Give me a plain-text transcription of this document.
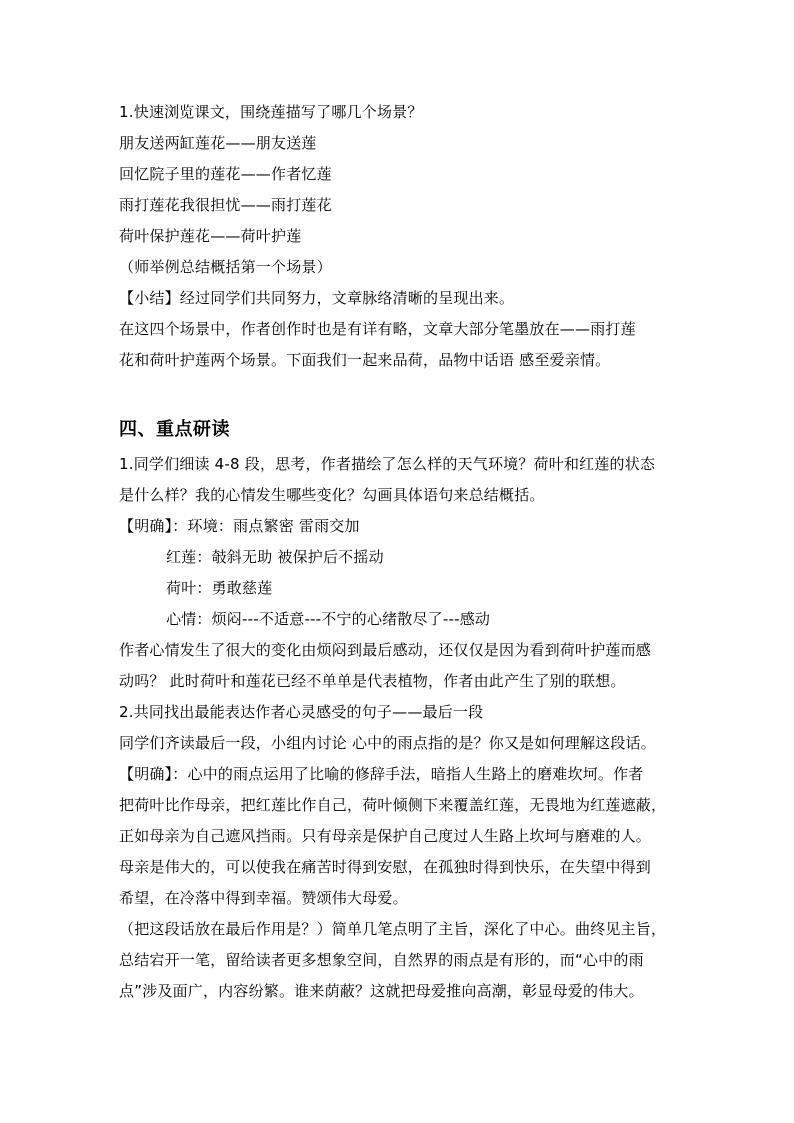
1.快速浏览课文，围绕莲描写了哪几个场景？
朋友送两缸莲花——朋友送莲
回忆院子里的莲花——作者忆莲
雨打莲花我很担忧——雨打莲花
荷叶保护莲花——荷叶护莲
（师举例总结概括第一个场景）
【小结】经过同学们共同努力，文章脉络清晰的呈现出来。
在这四个场景中，作者创作时也是有详有略，文章大部分笔墨放在——雨打莲
花和荷叶护莲两个场景。下面我们一起来品荷，品物中话语 感至爱亲情。
四、重点研读
1.同学们细读 4-8 段，思考，作者描绘了怎么样的天气环境？荷叶和红莲的状态
是什么样？我的心情发生哪些变化？勾画具体语句来总结概括。
【明确】：环境：雨点繁密 雷雨交加
红莲：攲斜无助 被保护后不摇动
荷叶：勇敢慈莲
心情：烦闷---不适意---不宁的心绪散尽了---感动
作者心情发生了很大的变化由烦闷到最后感动，还仅仅是因为看到荷叶护莲而感
动吗？ 此时荷叶和莲花已经不单单是代表植物，作者由此产生了别的联想。
2.共同找出最能表达作者心灵感受的句子——最后一段
同学们齐读最后一段，小组内讨论 心中的雨点指的是？你又是如何理解这段话。
【明确】：心中的雨点运用了比喻的修辞手法，暗指人生路上的磨难坎坷。作者
把荷叶比作母亲，把红莲比作自己，荷叶倾侧下来覆盖红莲，无畏地为红莲遮蔽，
正如母亲为自己遮风挡雨。只有母亲是保护自己度过人生路上坎坷与磨难的人。
母亲是伟大的，可以使我在痛苦时得到安慰，在孤独时得到快乐，在失望中得到
希望，在冷落中得到幸福。赞颂伟大母爱。
（把这段话放在最后作用是？）简单几笔点明了主旨，深化了中心。曲终见主旨，
总结宕开一笔，留给读者更多想象空间，自然界的雨点是有形的，而“心中的雨
点”涉及面广，内容纷繁。谁来荫蔽？这就把母爱推向高潮，彰显母爱的伟大。
